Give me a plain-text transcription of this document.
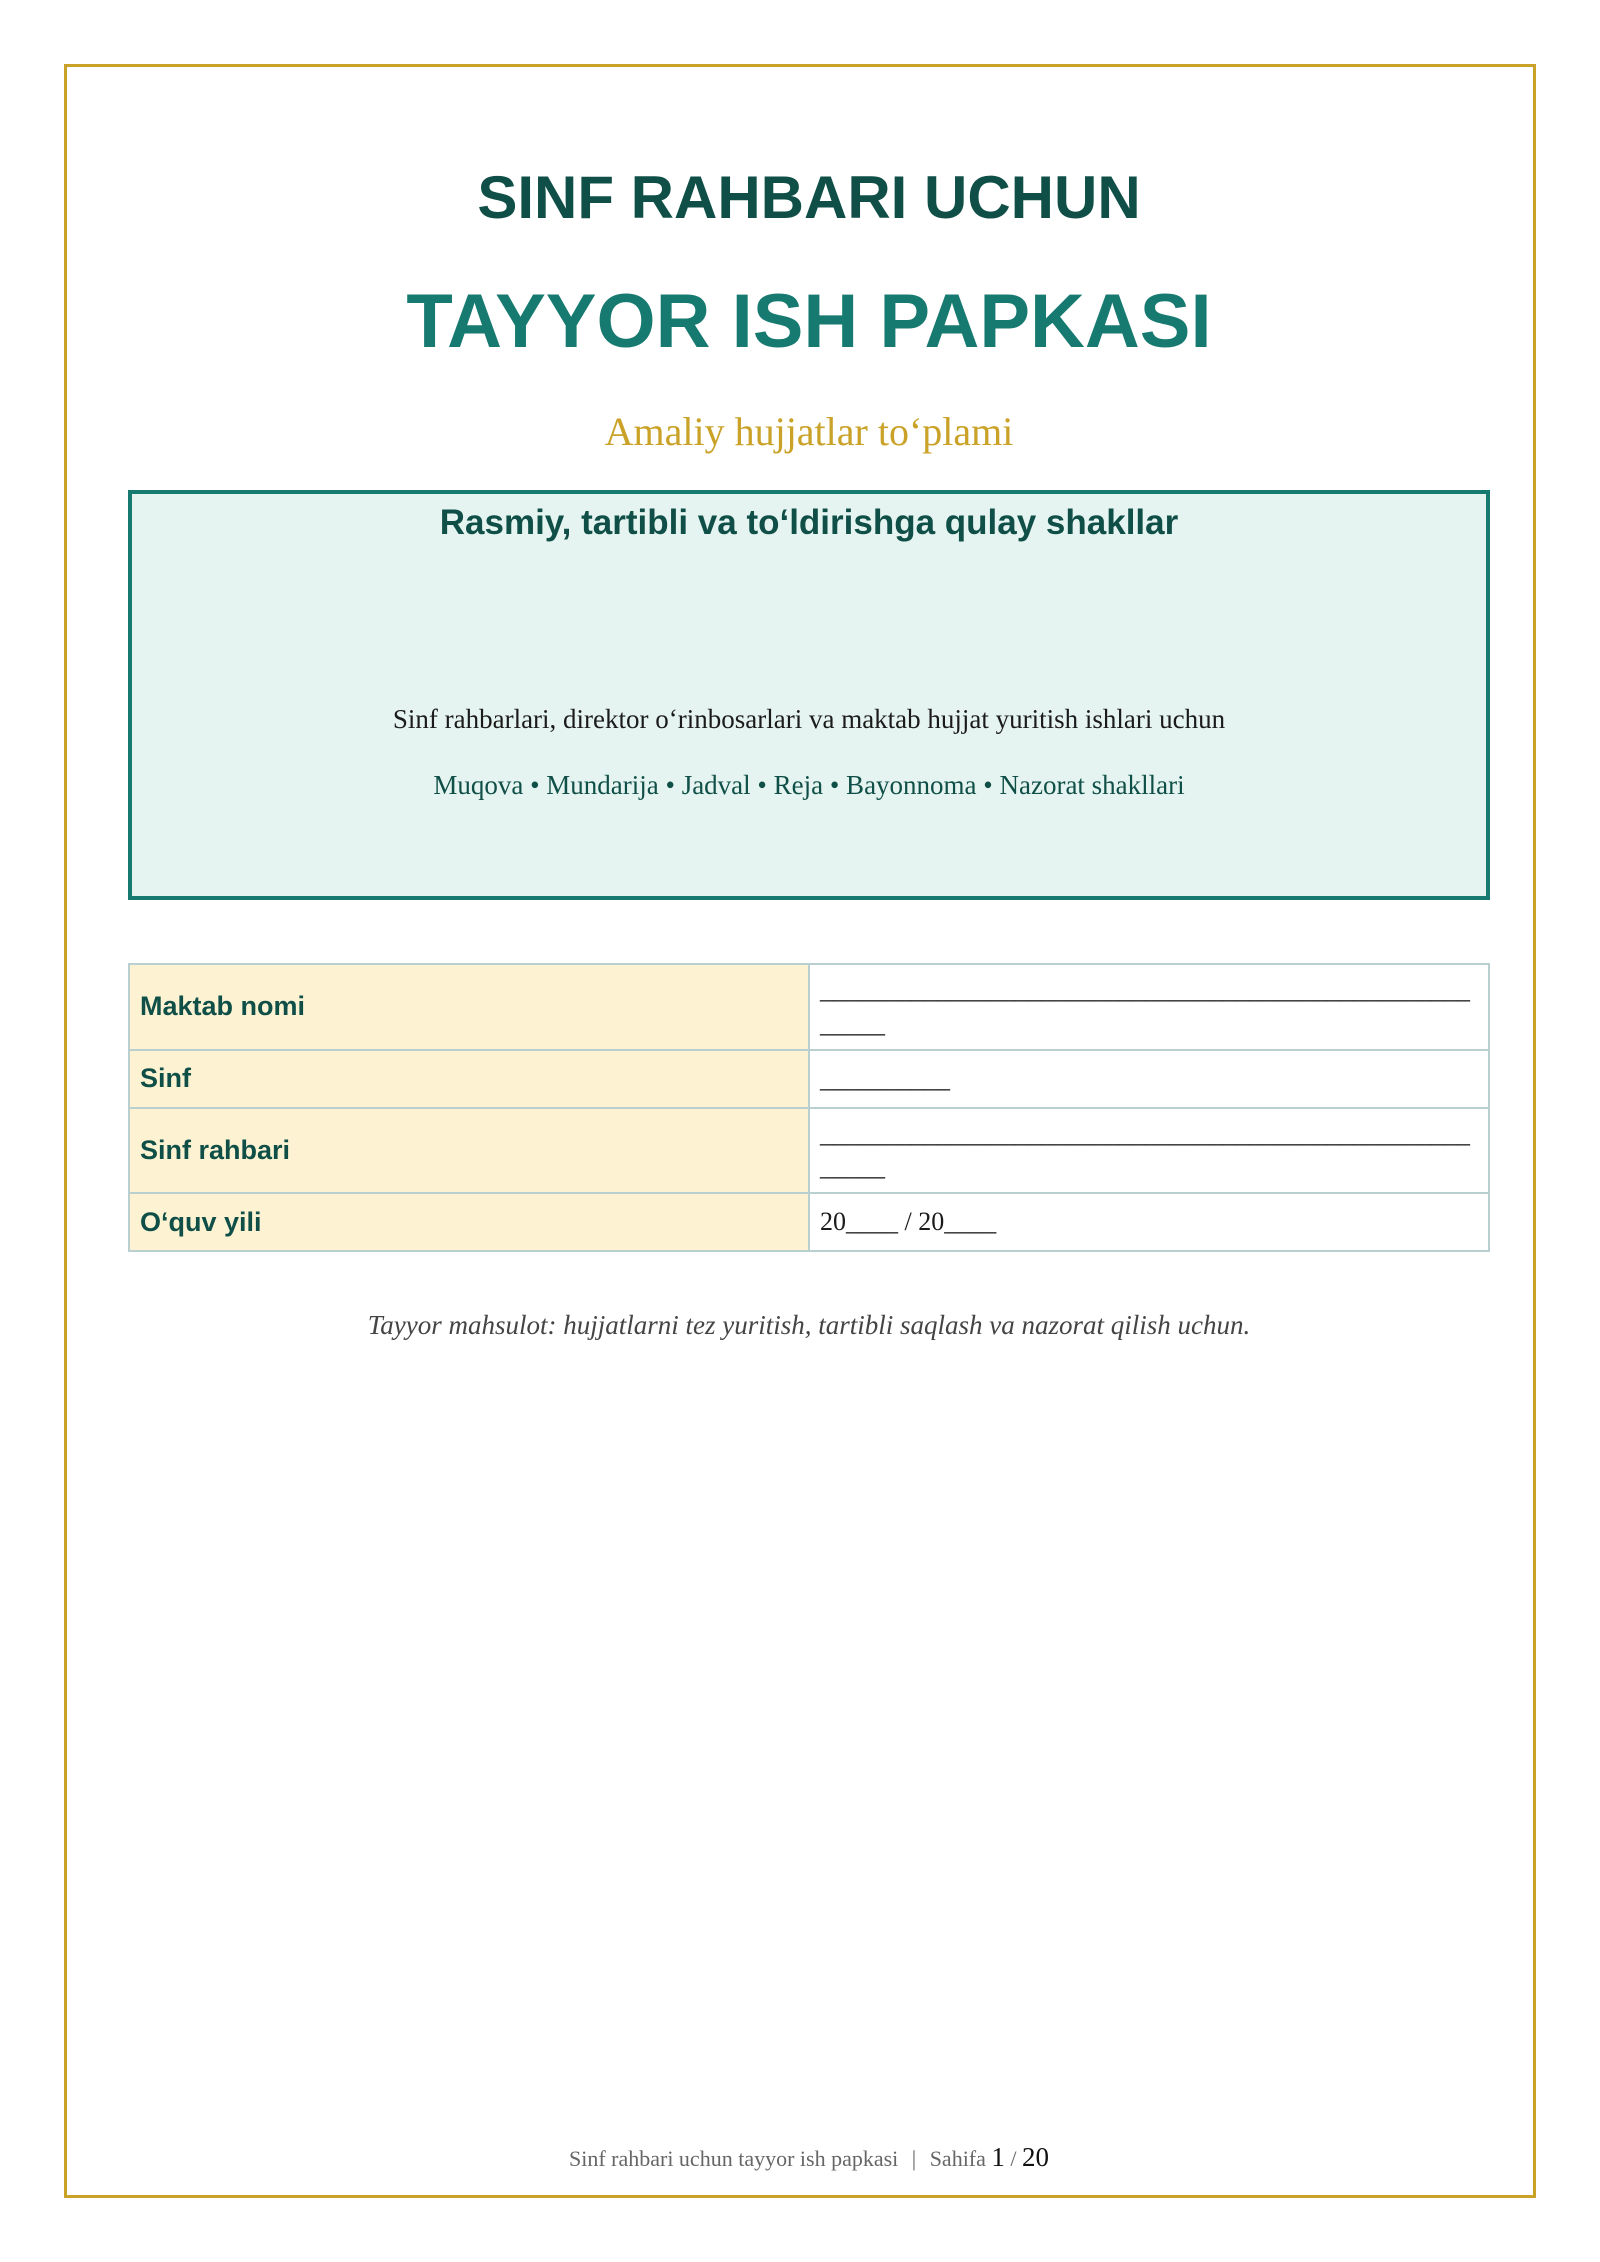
SINF RAHBARI UCHUN
TAYYOR ISH PAPKASI
Amaliy hujjatlar to‘plami
Rasmiy, tartibli va to‘ldirishga qulay shakllar
Sinf rahbarlari, direktor o‘rinbosarlari va maktab hujjat yuritish ishlari uchun
Muqova • Mundarija • Jadval • Reja • Bayonnoma • Nazorat shakllari
Maktab nomi	_______________________________________________________
Sinf	__________
Sinf rahbari	_______________________________________________________
O‘quv yili	20____ / 20____
Tayyor mahsulot: hujjatlarni tez yuritish, tartibli saqlash va nazorat qilish uchun.
Sinf rahbari uchun tayyor ish papkasi | Sahifa 1 / 20
